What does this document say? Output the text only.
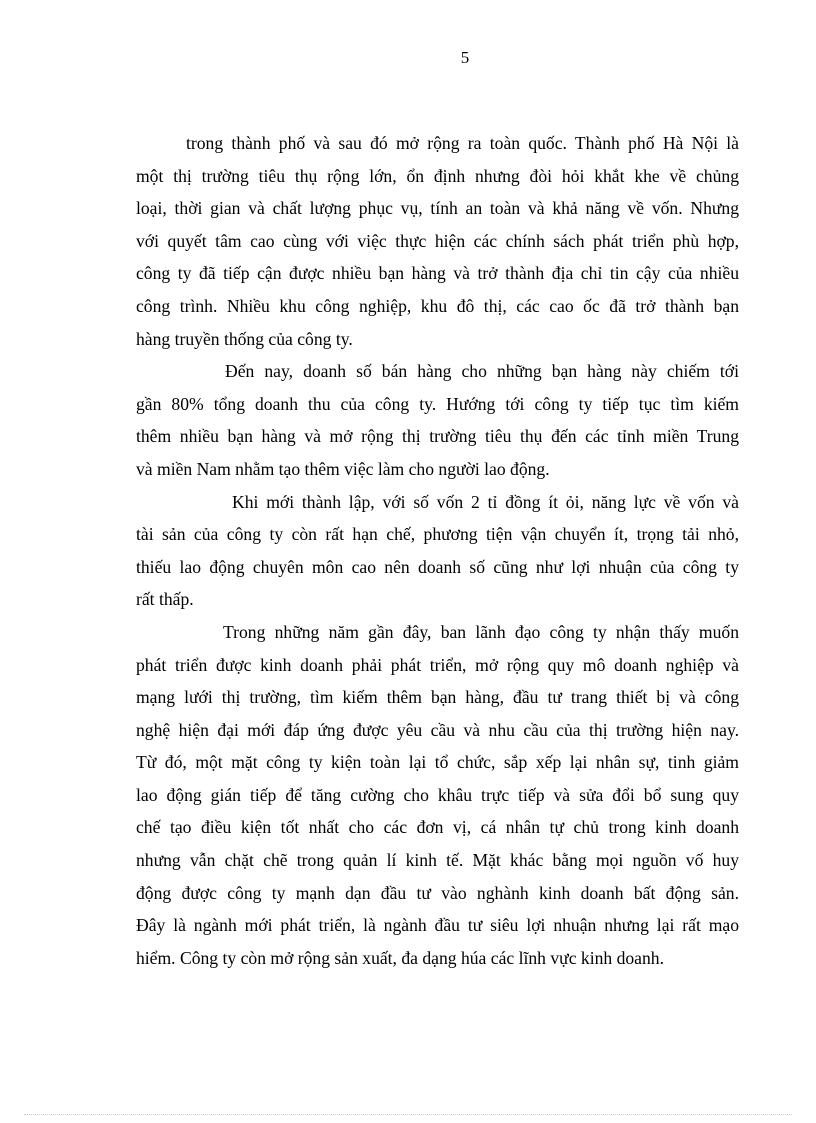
5
trong thành phố và sau đó mở rộng ra toàn quốc. Thành phố Hà Nội là
một thị trường tiêu thụ rộng lớn, ổn định nhưng đòi hỏi khắt khe về chủng
loại, thời gian và chất lượng phục vụ, tính an toàn và khả năng về vốn. Nhưng
với quyết tâm cao cùng với việc thực hiện các chính sách phát triển phù hợp,
công ty đã tiếp cận được nhiều bạn hàng và trở thành địa chỉ tin cậy của nhiều
công trình. Nhiều khu công nghiệp, khu đô thị, các cao ốc đã trở thành bạn
hàng truyền thống của công ty.
Đến nay, doanh số bán hàng cho những bạn hàng này chiếm tới
gần 80% tổng doanh thu của công ty. Hướng tới công ty tiếp tục tìm kiếm
thêm nhiều bạn hàng và mở rộng thị trường tiêu thụ đến các tỉnh miền Trung
và miền Nam nhằm tạo thêm việc làm cho người lao động.
Khi mới thành lập, với số vốn 2 tỉ đồng ít ỏi, năng lực về vốn và
tài sản của công ty còn rất hạn chế, phương tiện vận chuyển ít, trọng tải nhỏ,
thiếu lao động chuyên môn cao nên doanh số cũng như lợi nhuận của công ty
rất thấp.
Trong những năm gần đây, ban lãnh đạo công ty nhận thấy muốn
phát triển được kinh doanh phải phát triển, mở rộng quy mô doanh nghiệp và
mạng lưới thị trường, tìm kiếm thêm bạn hàng, đầu tư trang thiết bị và công
nghệ hiện đại mới đáp ứng được yêu cầu và nhu cầu của thị trường hiện nay.
Từ đó, một mặt công ty kiện toàn lại tổ chức, sắp xếp lại nhân sự, tinh giảm
lao động gián tiếp để tăng cường cho khâu trực tiếp và sửa đổi bổ sung quy
chế tạo điều kiện tốt nhất cho các đơn vị, cá nhân tự chủ trong kinh doanh
nhưng vẫn chặt chẽ trong quản lí kinh tế. Mặt khác bằng mọi nguồn vố huy
động được công ty mạnh dạn đầu tư vào nghành kinh doanh bất động sản.
Đây là ngành mới phát triển, là ngành đầu tư siêu lợi nhuận nhưng lại rất mạo
hiểm. Công ty còn mở rộng sản xuất, đa dạng húa các lĩnh vực kinh doanh.
